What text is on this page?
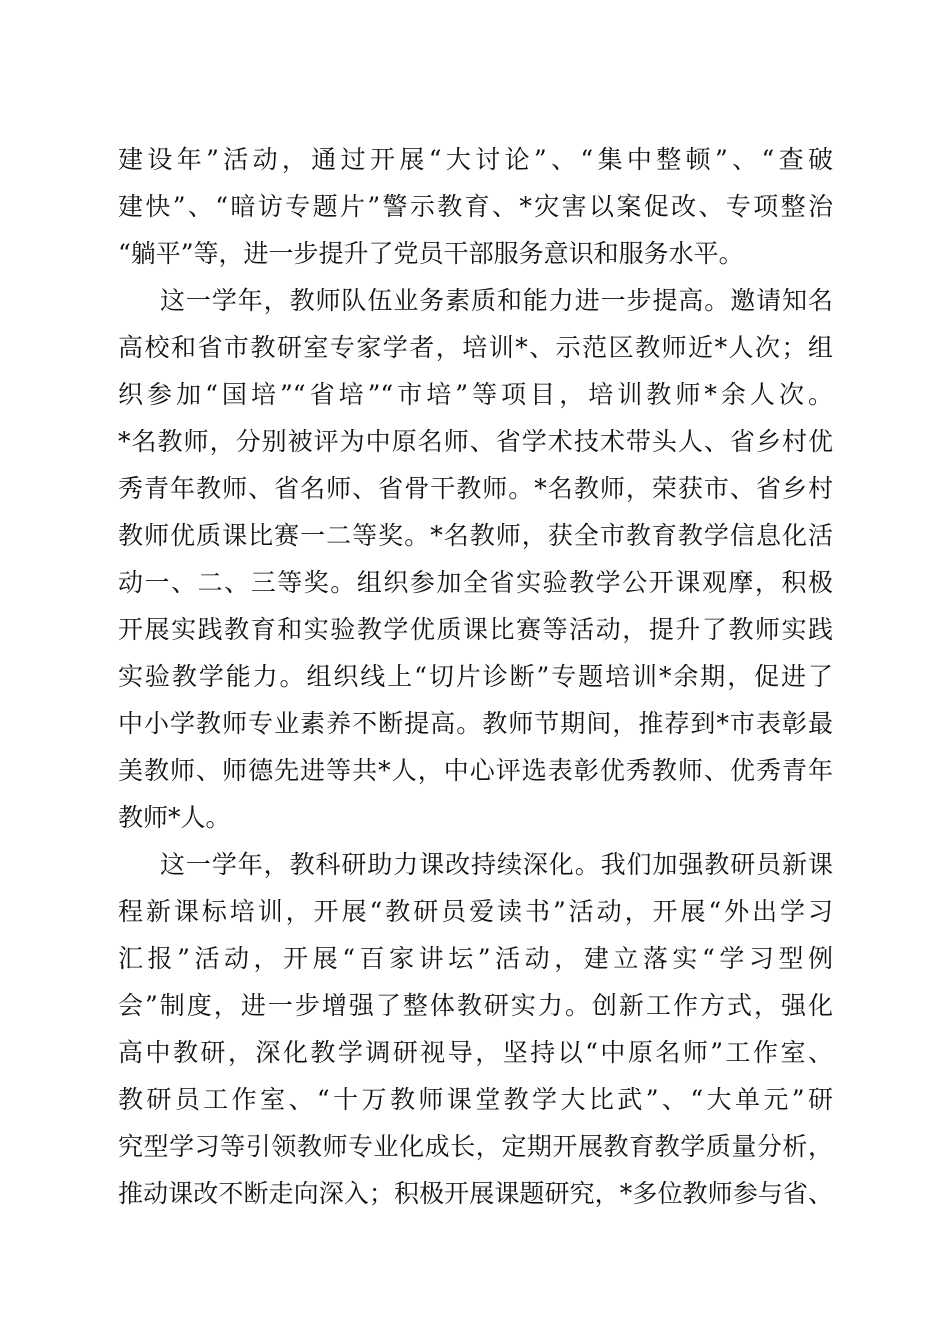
建设年”活动，通过开展“大讨论”、“集中整顿”、“查破
建快”、“暗访专题片”警示教育、*灾害以案促改、专项整治
“躺平”等，进一步提升了党员干部服务意识和服务水平。
这一学年，教师队伍业务素质和能力进一步提高。邀请知名
高校和省市教研室专家学者，培训*、示范区教师近*人次；组
织参加“国培”“省培”“市培”等项目，培训教师*余人次。
*名教师，分别被评为中原名师、省学术技术带头人、省乡村优
秀青年教师、省名师、省骨干教师。*名教师，荣获市、省乡村
教师优质课比赛一二等奖。*名教师，获全市教育教学信息化活
动一、二、三等奖。组织参加全省实验教学公开课观摩，积极
开展实践教育和实验教学优质课比赛等活动，提升了教师实践
实验教学能力。组织线上“切片诊断”专题培训*余期，促进了
中小学教师专业素养不断提高。教师节期间，推荐到*市表彰最
美教师、师德先进等共*人，中心评选表彰优秀教师、优秀青年
教师*人。
这一学年，教科研助力课改持续深化。我们加强教研员新课
程新课标培训，开展“教研员爱读书”活动，开展“外出学习
汇报”活动，开展“百家讲坛”活动，建立落实“学习型例
会”制度，进一步增强了整体教研实力。创新工作方式，强化
高中教研，深化教学调研视导，坚持以“中原名师”工作室、
教研员工作室、“十万教师课堂教学大比武”、“大单元”研
究型学习等引领教师专业化成长，定期开展教育教学质量分析，
推动课改不断走向深入；积极开展课题研究，*多位教师参与省、
